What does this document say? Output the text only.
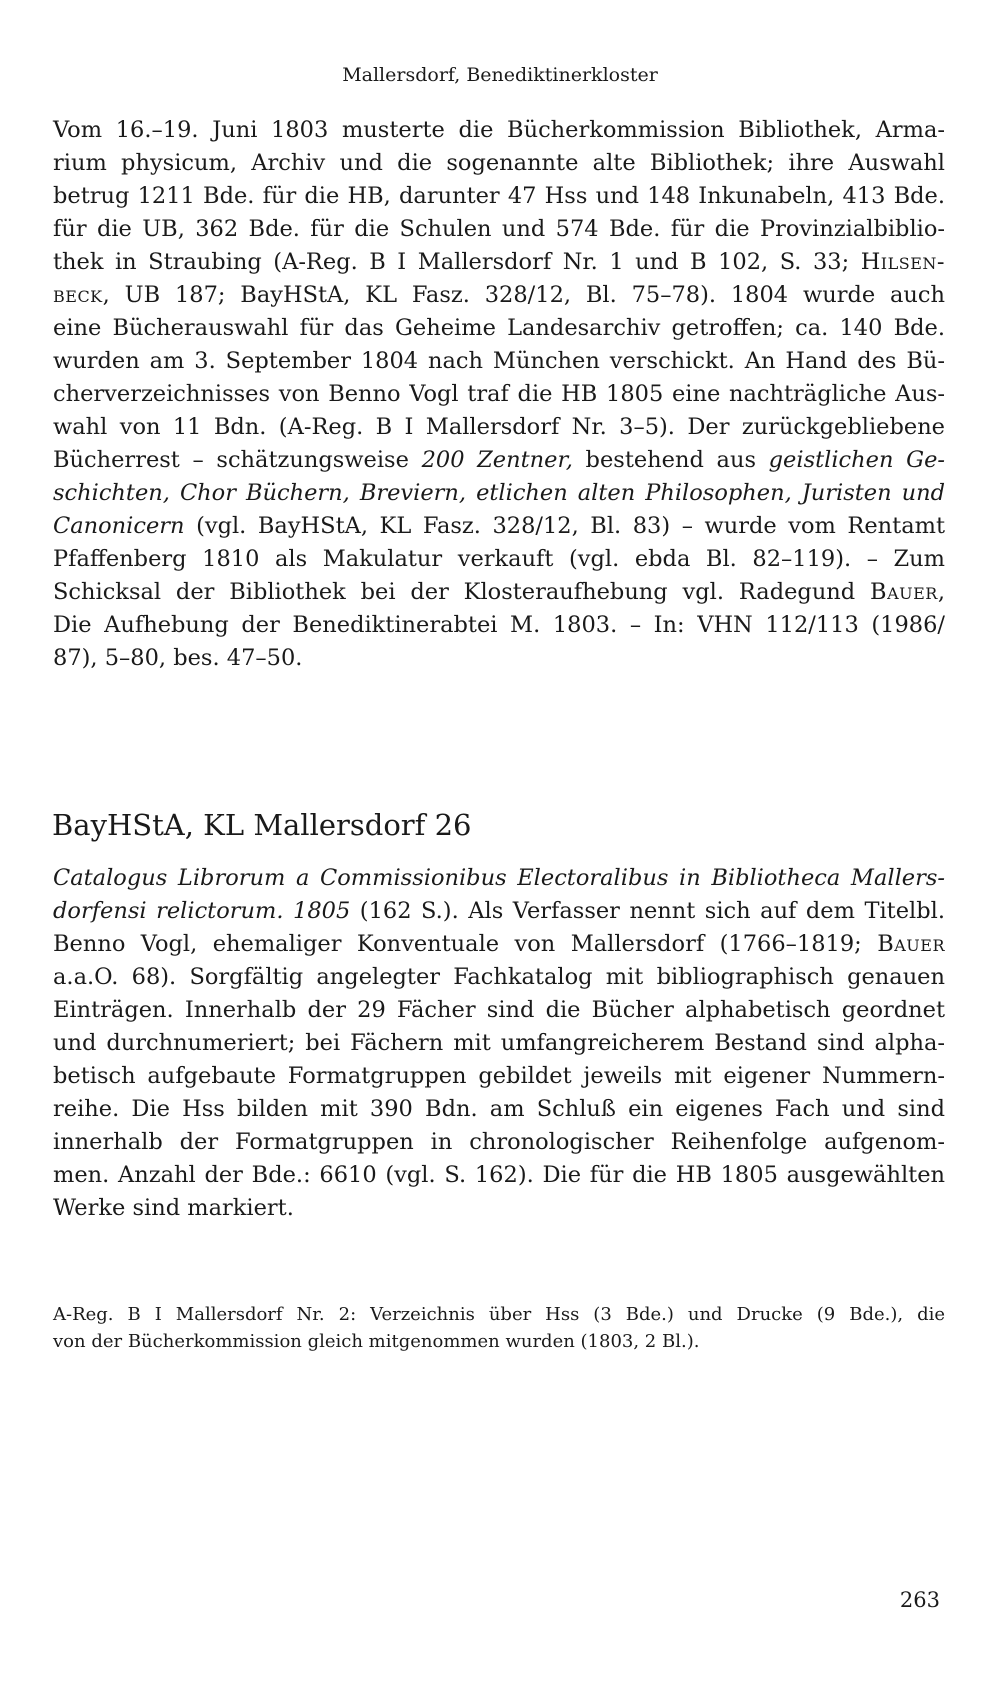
Mallersdorf, Benediktinerkloster
Vom 16.–19. Juni 1803 musterte die Bücherkommission Bibliothek, Arma-
rium physicum, Archiv und die sogenannte alte Bibliothek; ihre Auswahl
betrug 1211 Bde. für die HB, darunter 47 Hss und 148 Inkunabeln, 413 Bde.
für die UB, 362 Bde. für die Schulen und 574 Bde. für die Provinzialbiblio-
thek in Straubing (A-Reg. B I Mallersdorf Nr. 1 und B 102, S. 33; Hilsen-
beck, UB 187; BayHStA, KL Fasz. 328/12, Bl. 75–78). 1804 wurde auch
eine Bücherauswahl für das Geheime Landesarchiv getroffen; ca. 140 Bde.
wurden am 3. September 1804 nach München verschickt. An Hand des Bü-
cherverzeichnisses von Benno Vogl traf die HB 1805 eine nachträgliche Aus-
wahl von 11 Bdn. (A-Reg. B I Mallersdorf Nr. 3–5). Der zurückgebliebene
Bücherrest – schätzungsweise 200 Zentner, bestehend aus geistlichen Ge-
schichten, Chor Büchern, Breviern, etlichen alten Philosophen, Juristen und
Canonicern (vgl. BayHStA, KL Fasz. 328/12, Bl. 83) – wurde vom Rentamt
Pfaffenberg 1810 als Makulatur verkauft (vgl. ebda Bl. 82–119). – Zum
Schicksal der Bibliothek bei der Klosteraufhebung vgl. Radegund Bauer,
Die Aufhebung der Benediktinerabtei M. 1803. – In: VHN 112/113 (1986/
87), 5–80, bes. 47–50.
BayHStA, KL Mallersdorf 26
Catalogus Librorum a Commissionibus Electoralibus in Bibliotheca Mallers-
dorfensi relictorum. 1805 (162 S.). Als Verfasser nennt sich auf dem Titelbl.
Benno Vogl, ehemaliger Konventuale von Mallersdorf (1766–1819; Bauer
a.a.O. 68). Sorgfältig angelegter Fachkatalog mit bibliographisch genauen
Einträgen. Innerhalb der 29 Fächer sind die Bücher alphabetisch geordnet
und durchnumeriert; bei Fächern mit umfangreicherem Bestand sind alpha-
betisch aufgebaute Formatgruppen gebildet jeweils mit eigener Nummern-
reihe. Die Hss bilden mit 390 Bdn. am Schluß ein eigenes Fach und sind
innerhalb der Formatgruppen in chronologischer Reihenfolge aufgenom-
men. Anzahl der Bde.: 6610 (vgl. S. 162). Die für die HB 1805 ausgewählten
Werke sind markiert.
A-Reg. B I Mallersdorf Nr. 2: Verzeichnis über Hss (3 Bde.) und Drucke (9 Bde.), die
von der Bücherkommission gleich mitgenommen wurden (1803, 2 Bl.).
263
